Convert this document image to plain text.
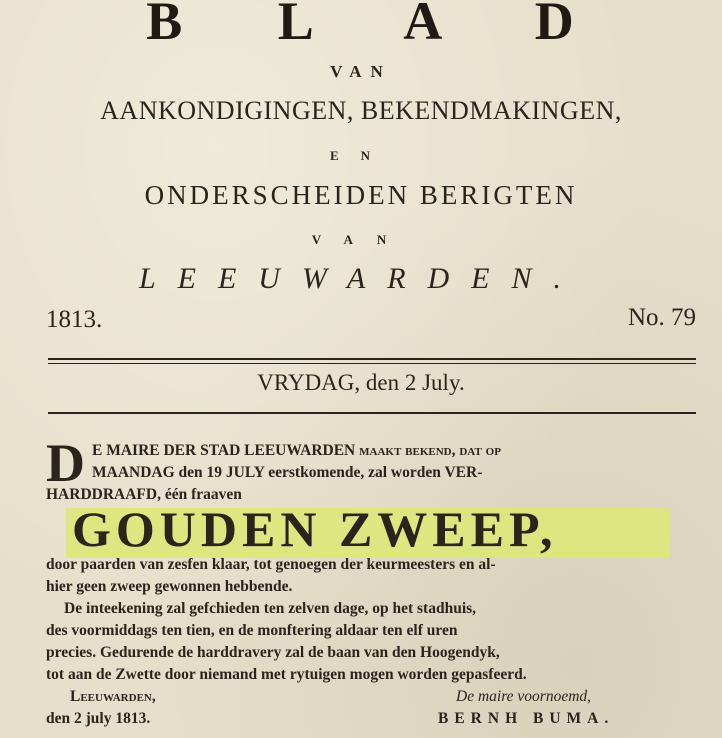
B L A D
VAN
AANKONDIGINGEN, BEKENDMAKINGEN,
EN
ONDERSCHEIDEN BERIGTEN
VAN
LEEUWARDEN.
1813.	No. 79
VRYDAG, den 2 July.
D E MAIRE DER STAD LEEUWARDEN maakt bekend, dat op
MAANDAG den 19 JULY eerstkomende, zal worden VER-
HARDDRAAFD, één fraaven
GOUDEN ZWEEP,
door paarden van zesfen klaar, tot genoegen der keurmeesters en al-
hier geen zweep gewonnen hebbende.
De inteekening zal gefchieden ten zelven dage, op het stadhuis,
des voormiddags ten tien, en de monftering aldaar ten elf uren
precies. Gedurende de harddravery zal de baan van den Hoogendyk,
tot aan de Zwette door niemand met rytuigen mogen worden gepasfeerd.
Leeuwarden,	De maire voornoemd,
den 2 july 1813.	BERNH BUMA.
